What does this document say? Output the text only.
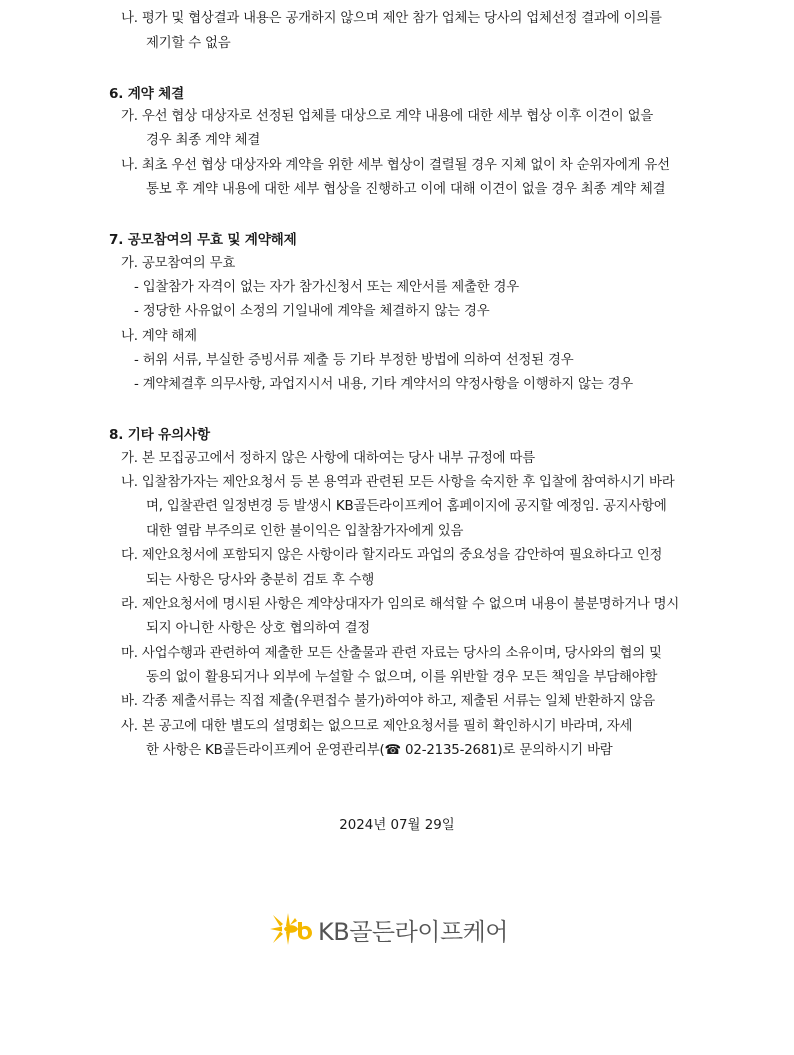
나. 평가 및 협상결과 내용은 공개하지 않으며 제안 참가 업체는 당사의 업체선정 결과에 이의를
제기할 수 없음
6. 계약 체결
가. 우선 협상 대상자로 선정된 업체를 대상으로 계약 내용에 대한 세부 협상 이후 이견이 없을
경우 최종 계약 체결
나. 최초 우선 협상 대상자와 계약을 위한 세부 협상이 결렬될 경우 지체 없이 차 순위자에게 유선
통보 후 계약 내용에 대한 세부 협상을 진행하고 이에 대해 이견이 없을 경우 최종 계약 체결
7. 공모참여의 무효 및 계약해제
가. 공모참여의 무효
- 입찰참가 자격이 없는 자가 참가신청서 또는 제안서를 제출한 경우
- 정당한 사유없이 소정의 기일내에 계약을 체결하지 않는 경우
나. 계약 해제
- 허위 서류, 부실한 증빙서류 제출 등 기타 부정한 방법에 의하여 선정된 경우
- 계약체결후 의무사항, 과업지시서 내용, 기타 계약서의 약정사항을 이행하지 않는 경우
8. 기타 유의사항
가. 본 모집공고에서 정하지 않은 사항에 대하여는 당사 내부 규정에 따름
나. 입찰참가자는 제안요청서 등 본 용역과 관련된 모든 사항을 숙지한 후 입찰에 참여하시기 바라
며, 입찰관련 일정변경 등 발생시 KB골든라이프케어 홈페이지에 공지할 예정임. 공지사항에
대한 열람 부주의로 인한 불이익은 입찰참가자에게 있음
다. 제안요청서에 포함되지 않은 사항이라 할지라도 과업의 중요성을 감안하여 필요하다고 인정
되는 사항은 당사와 충분히 검토 후 수행
라. 제안요청서에 명시된 사항은 계약상대자가 임의로 해석할 수 없으며 내용이 불분명하거나 명시
되지 아니한 사항은 상호 협의하여 결정
마. 사업수행과 관련하여 제출한 모든 산출물과 관련 자료는 당사의 소유이며, 당사와의 협의 및
동의 없이 활용되거나 외부에 누설할 수 없으며, 이를 위반할 경우 모든 책임을 부담해야함
바. 각종 제출서류는 직접 제출(우편접수 불가)하여야 하고, 제출된 서류는 일체 반환하지 않음
사. 본 공고에 대한 별도의 설명회는 없으므로 제안요청서를 필히 확인하시기 바라며, 자세
한 사항은 KB골든라이프케어 운영관리부(☎ 02-2135-2681)로 문의하시기 바람
2024년 07월 29일
KB골든라이프케어
